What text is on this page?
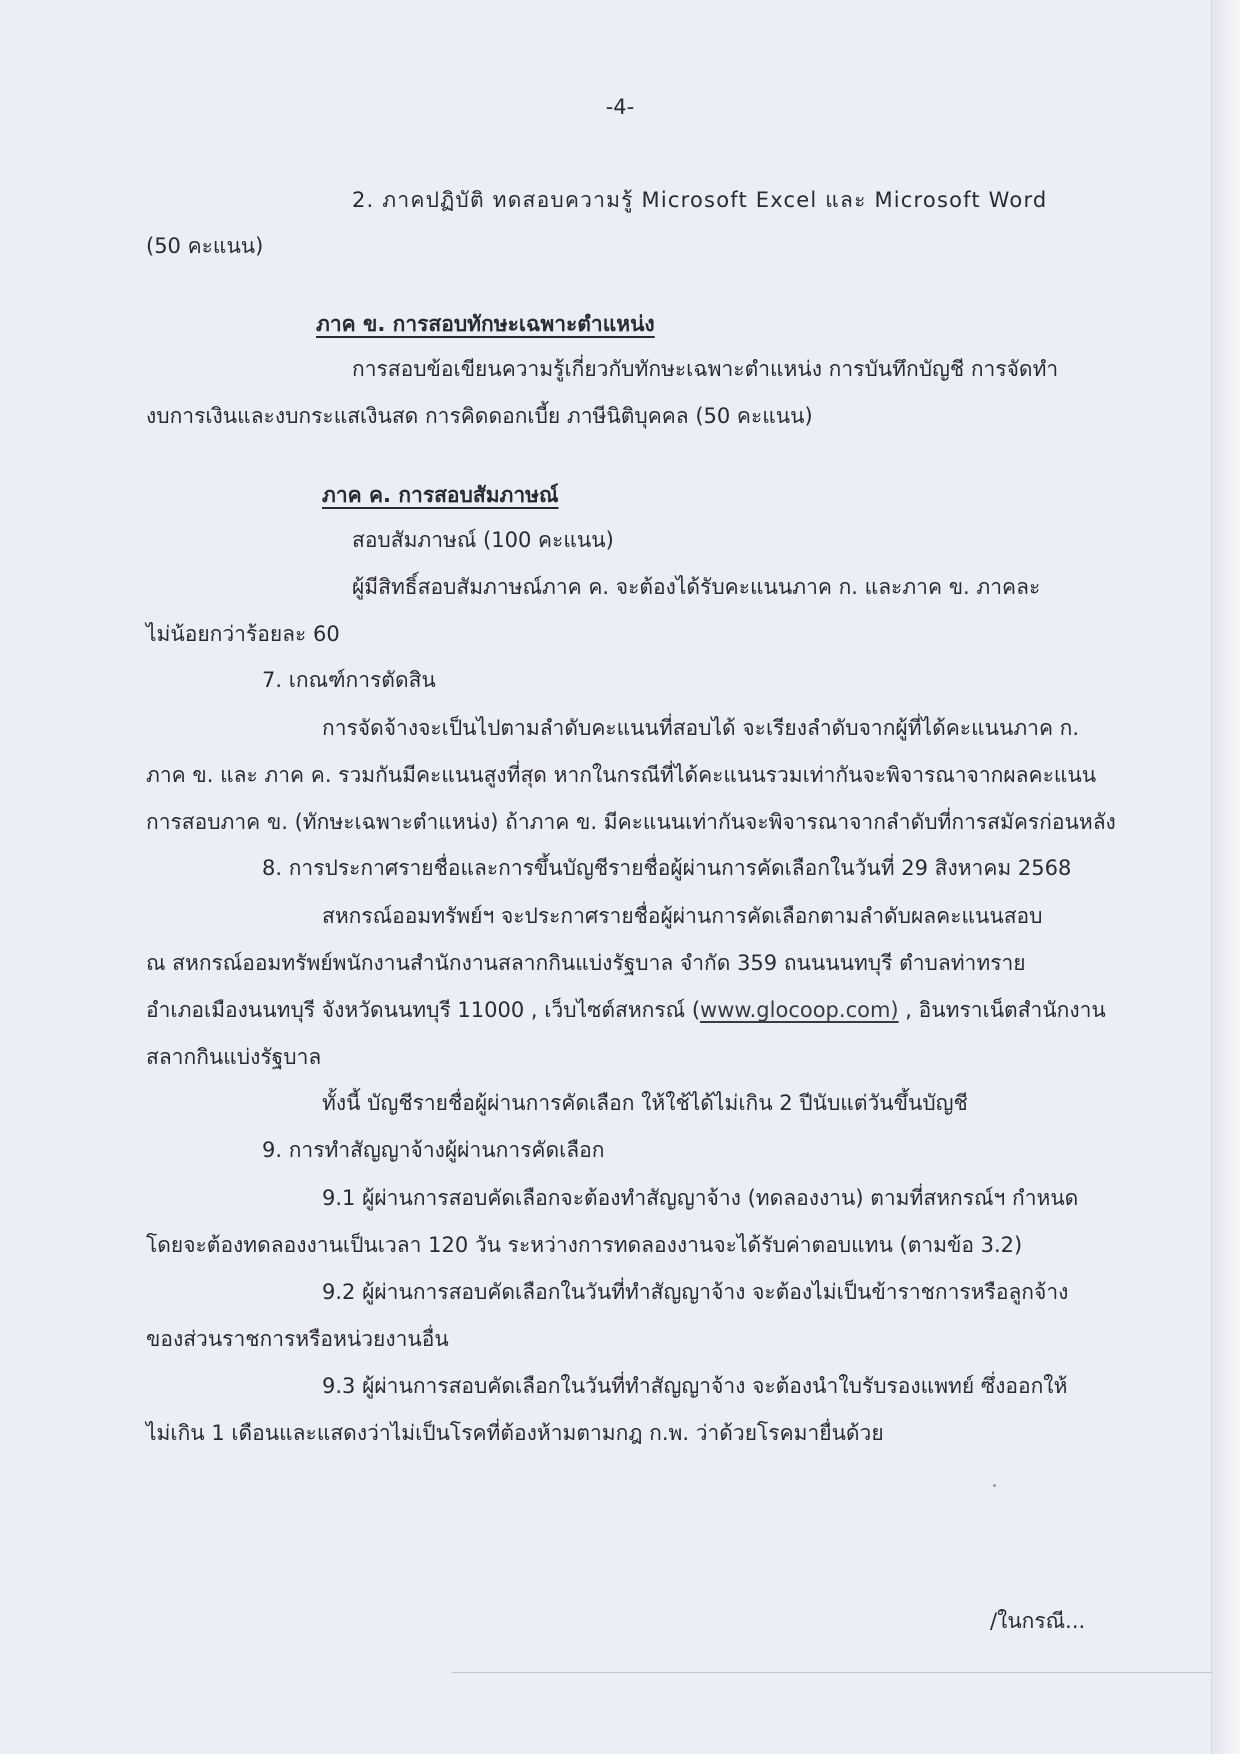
-4-
2. ภาคปฏิบัติ ทดสอบความรู้ Microsoft Excel และ Microsoft Word
(50 คะแนน)
ภาค ข. การสอบทักษะเฉพาะตำแหน่ง
การสอบข้อเขียนความรู้เกี่ยวกับทักษะเฉพาะตำแหน่ง การบันทึกบัญชี การจัดทำ
งบการเงินและงบกระแสเงินสด การคิดดอกเบี้ย ภาษีนิติบุคคล (50 คะแนน)
ภาค ค. การสอบสัมภาษณ์
สอบสัมภาษณ์ (100 คะแนน)
ผู้มีสิทธิ์สอบสัมภาษณ์ภาค ค. จะต้องได้รับคะแนนภาค ก. และภาค ข. ภาคละ
ไม่น้อยกว่าร้อยละ 60
7. เกณฑ์การตัดสิน
การจัดจ้างจะเป็นไปตามลำดับคะแนนที่สอบได้ จะเรียงลำดับจากผู้ที่ได้คะแนนภาค ก.
ภาค ข. และ ภาค ค. รวมกันมีคะแนนสูงที่สุด หากในกรณีที่ได้คะแนนรวมเท่ากันจะพิจารณาจากผลคะแนน
การสอบภาค ข. (ทักษะเฉพาะตำแหน่ง) ถ้าภาค ข. มีคะแนนเท่ากันจะพิจารณาจากลำดับที่การสมัครก่อนหลัง
8. การประกาศรายชื่อและการขึ้นบัญชีรายชื่อผู้ผ่านการคัดเลือกในวันที่ 29 สิงหาคม 2568
สหกรณ์ออมทรัพย์ฯ จะประกาศรายชื่อผู้ผ่านการคัดเลือกตามลำดับผลคะแนนสอบ
ณ สหกรณ์ออมทรัพย์พนักงานสำนักงานสลากกินแบ่งรัฐบาล จำกัด 359 ถนนนนทบุรี ตำบลท่าทราย
อำเภอเมืองนนทบุรี จังหวัดนนทบุรี 11000 , เว็บไซต์สหกรณ์ (www.glocoop.com) , อินทราเน็ตสำนักงาน
สลากกินแบ่งรัฐบาล
ทั้งนี้ บัญชีรายชื่อผู้ผ่านการคัดเลือก ให้ใช้ได้ไม่เกิน 2 ปีนับแต่วันขึ้นบัญชี
9. การทำสัญญาจ้างผู้ผ่านการคัดเลือก
9.1 ผู้ผ่านการสอบคัดเลือกจะต้องทำสัญญาจ้าง (ทดลองงาน) ตามที่สหกรณ์ฯ กำหนด
โดยจะต้องทดลองงานเป็นเวลา 120 วัน ระหว่างการทดลองงานจะได้รับค่าตอบแทน (ตามข้อ 3.2)
9.2 ผู้ผ่านการสอบคัดเลือกในวันที่ทำสัญญาจ้าง จะต้องไม่เป็นข้าราชการหรือลูกจ้าง
ของส่วนราชการหรือหน่วยงานอื่น
9.3 ผู้ผ่านการสอบคัดเลือกในวันที่ทำสัญญาจ้าง จะต้องนำใบรับรองแพทย์ ซึ่งออกให้
ไม่เกิน 1 เดือนและแสดงว่าไม่เป็นโรคที่ต้องห้ามตามกฎ ก.พ. ว่าด้วยโรคมายื่นด้วย
/ในกรณี...
